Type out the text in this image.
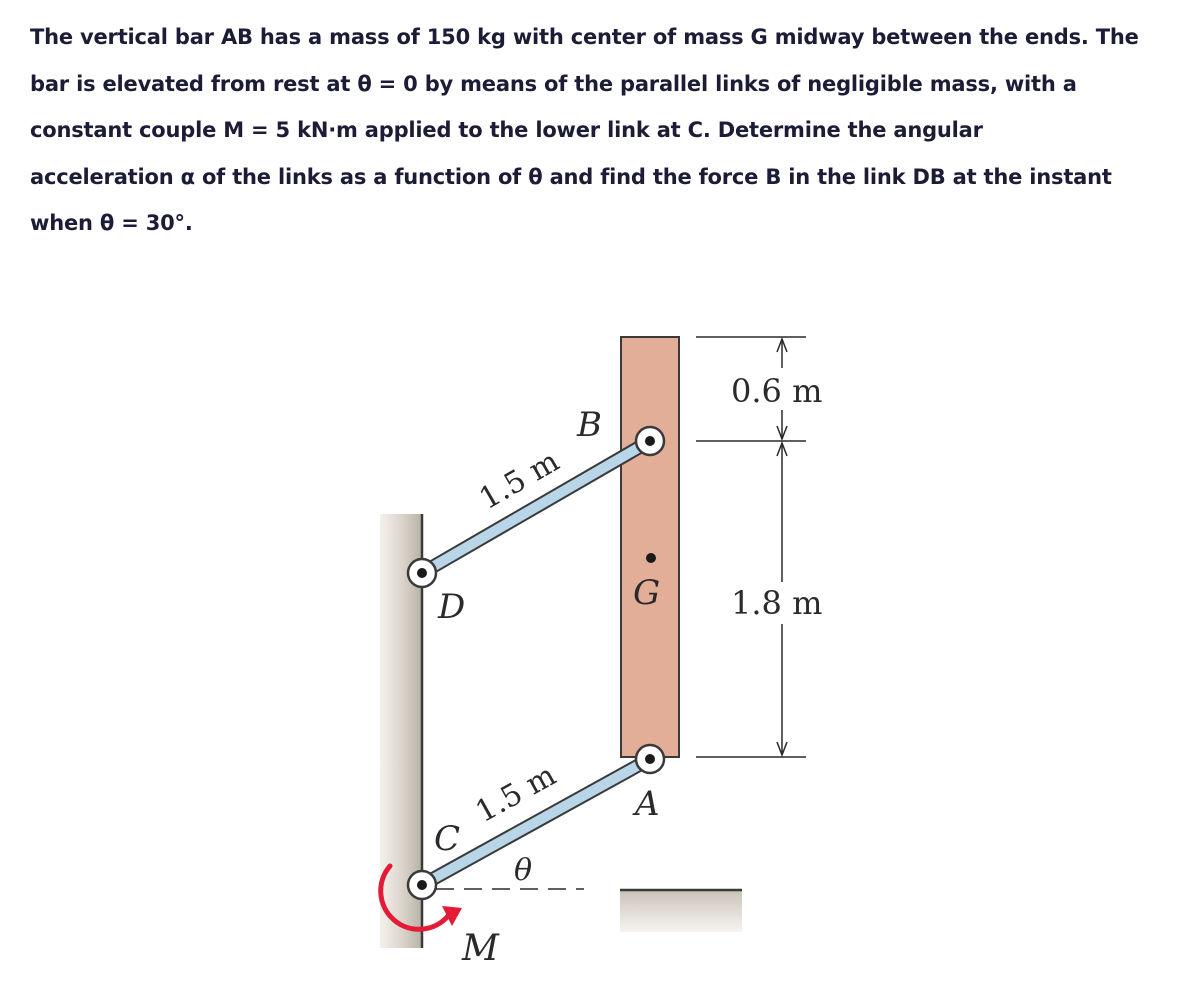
The vertical bar AB has a mass of 150 kg with center of mass G midway between the ends. The

bar is elevated from rest at θ = 0 by means of the parallel links of negligible mass, with a

constant couple M = 5 kN·m applied to the lower link at C. Determine the angular

acceleration α of the links as a function of θ and find the force B in the link DB at the instant

when θ = 30°.

B
D	G
A
C
M
θ
1.5 m
1.5 m
0.6 m
1.8 m
